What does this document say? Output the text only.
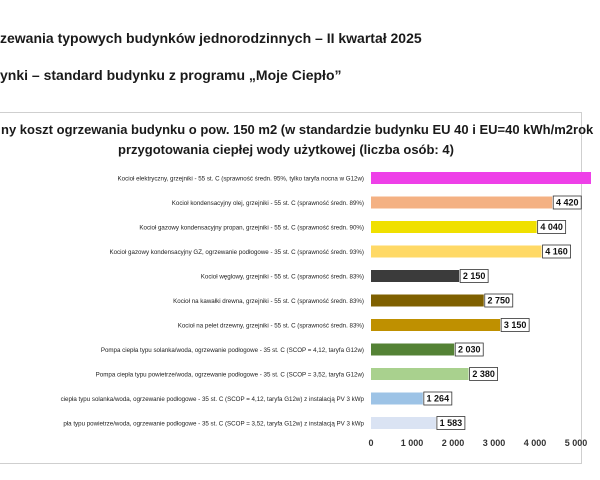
zewania typowych budynków jednorodzinnych – II kwartał 2025
ynki – standard budynku z programu „Moje Ciepło”
ny koszt ogrzewania budynku o pow. 150 m2 (w standardzie budynku EU 40 i EU=40 kWh/m2rok
przygotowania ciepłej wody użytkowej (liczba osób: 4)
Kocioł elektryczny, grzejniki - 55 st. C (sprawność średn. 95%, tylko taryfa nocna w G12w)
Kocioł kondensacyjny olej, grzejniki - 55 st. C (sprawność średn. 89%)	4 420
Kocioł gazowy kondensacyjny propan, grzejniki - 55 st. C (sprawność średn. 90%)	4 040
Kocioł gazowy kondensacyjny GZ, ogrzewanie podłogowe - 35 st. C (sprawność średn. 93%)	4 160
Kocioł węglowy, grzejniki - 55 st. C (sprawność średn. 83%)	2 150
Kocioł na kawałki drewna, grzejniki - 55 st. C (sprawność średn. 83%)	2 750
Kocioł na pelet drzewny, grzejniki - 55 st. C (sprawność średn. 83%)	3 150
Pompa ciepła typu solanka/woda, ogrzewanie podłogowe - 35 st. C (SCOP = 4,12, taryfa G12w)	2 030
Pompa ciepła typu powietrze/woda, ogrzewanie podłogowe - 35 st. C (SCOP = 3,52, taryfa G12w)	2 380
ciepła typu solanka/woda, ogrzewanie podłogowe - 35 st. C (SCOP = 4,12, taryfa G12w) z instalacją PV 3 kWp	1 264
pła typu powietrze/woda, ogrzewanie podłogowe - 35 st. C (SCOP = 3,52, taryfa G12w) z instalacją PV 3 kWp	1 583
0	1 000 2 000 3 000 4 000 5 000
